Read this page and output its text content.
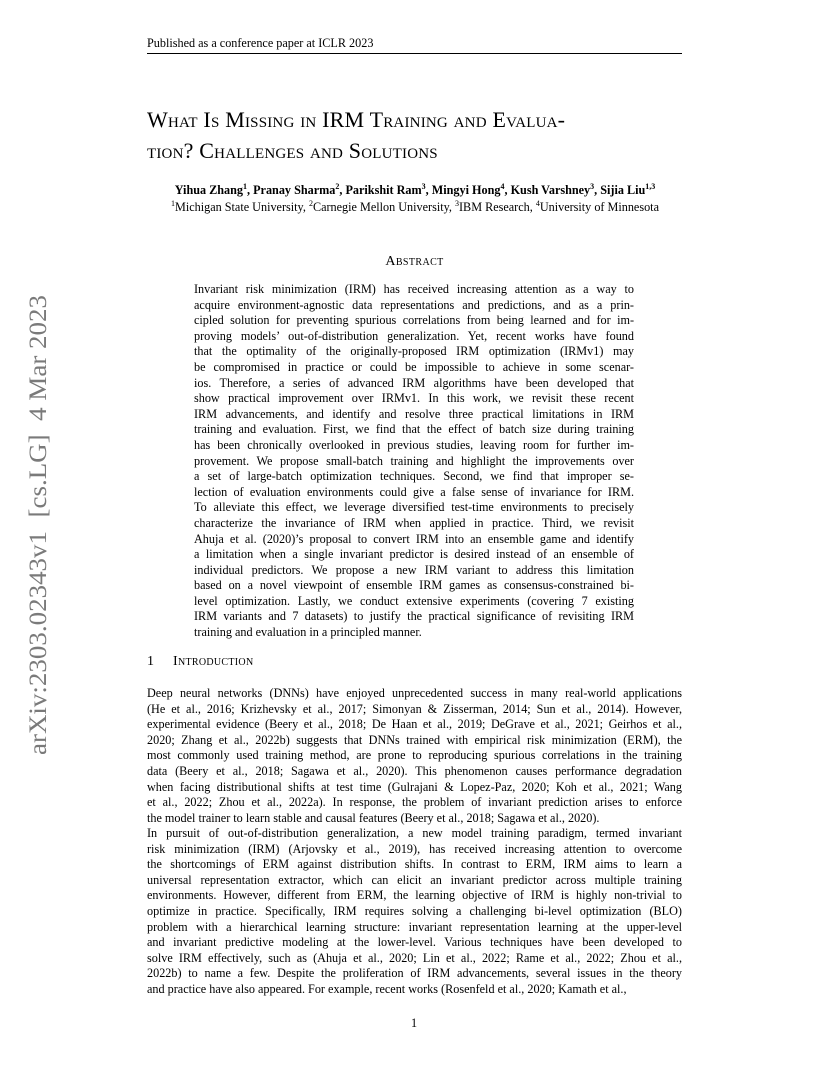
Published as a conference paper at ICLR 2023
arXiv:2303.02343v1  [cs.LG]  4 Mar 2023
What Is Missing in IRM Training and Evalua-
tion? Challenges and Solutions
Yihua Zhang$^1$, Pranay Sharma$^2$, Parikshit Ram$^3$, Mingyi Hong$^4$, Kush Varshney$^3$, Sijia Liu$^{1,3}$
$^1$Michigan State University, $^2$Carnegie Mellon University, $^3$IBM Research, $^4$University of Minnesota
Abstract
Invariant risk minimization (IRM) has received increasing attention as a way to
acquire environment-agnostic data representations and predictions, and as a prin-
cipled solution for preventing spurious correlations from being learned and for im-
proving models’ out-of-distribution generalization. Yet, recent works have found
that the optimality of the originally-proposed IRM optimization (IRMv1) may
be compromised in practice or could be impossible to achieve in some scenar-
ios. Therefore, a series of advanced IRM algorithms have been developed that
show practical improvement over IRMv1. In this work, we revisit these recent
IRM advancements, and identify and resolve three practical limitations in IRM
training and evaluation. First, we find that the effect of batch size during training
has been chronically overlooked in previous studies, leaving room for further im-
provement. We propose small-batch training and highlight the improvements over
a set of large-batch optimization techniques. Second, we find that improper se-
lection of evaluation environments could give a false sense of invariance for IRM.
To alleviate this effect, we leverage diversified test-time environments to precisely
characterize the invariance of IRM when applied in practice. Third, we revisit
Ahuja et al. (2020)’s proposal to convert IRM into an ensemble game and identify
a limitation when a single invariant predictor is desired instead of an ensemble of
individual predictors. We propose a new IRM variant to address this limitation
based on a novel viewpoint of ensemble IRM games as consensus-constrained bi-
level optimization. Lastly, we conduct extensive experiments (covering 7 existing
IRM variants and 7 datasets) to justify the practical significance of revisiting IRM
training and evaluation in a principled manner.
1 Introduction
Deep neural networks (DNNs) have enjoyed unprecedented success in many real-world applications
(He et al., 2016; Krizhevsky et al., 2017; Simonyan & Zisserman, 2014; Sun et al., 2014). However,
experimental evidence (Beery et al., 2018; De Haan et al., 2019; DeGrave et al., 2021; Geirhos et al.,
2020; Zhang et al., 2022b) suggests that DNNs trained with empirical risk minimization (ERM), the
most commonly used training method, are prone to reproducing spurious correlations in the training
data (Beery et al., 2018; Sagawa et al., 2020). This phenomenon causes performance degradation
when facing distributional shifts at test time (Gulrajani & Lopez-Paz, 2020; Koh et al., 2021; Wang
et al., 2022; Zhou et al., 2022a). In response, the problem of invariant prediction arises to enforce
the model trainer to learn stable and causal features (Beery et al., 2018; Sagawa et al., 2020).
In pursuit of out-of-distribution generalization, a new model training paradigm, termed invariant
risk minimization (IRM) (Arjovsky et al., 2019), has received increasing attention to overcome
the shortcomings of ERM against distribution shifts. In contrast to ERM, IRM aims to learn a
universal representation extractor, which can elicit an invariant predictor across multiple training
environments. However, different from ERM, the learning objective of IRM is highly non-trivial to
optimize in practice. Specifically, IRM requires solving a challenging bi-level optimization (BLO)
problem with a hierarchical learning structure: invariant representation learning at the upper-level
and invariant predictive modeling at the lower-level. Various techniques have been developed to
solve IRM effectively, such as (Ahuja et al., 2020; Lin et al., 2022; Rame et al., 2022; Zhou et al.,
2022b) to name a few. Despite the proliferation of IRM advancements, several issues in the theory
and practice have also appeared. For example, recent works (Rosenfeld et al., 2020; Kamath et al.,
1
